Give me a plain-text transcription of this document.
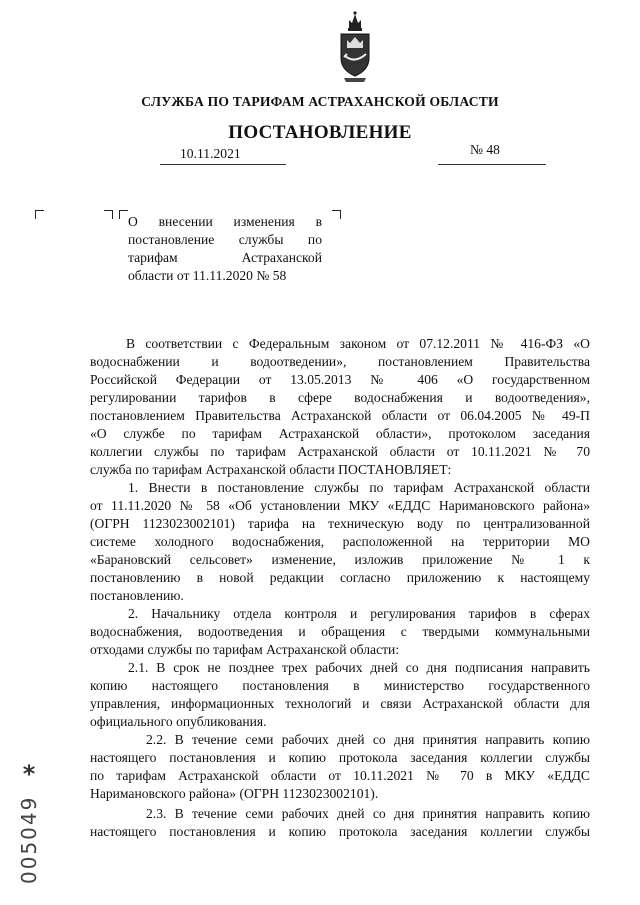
СЛУЖБА ПО ТАРИФАМ АСТРАХАНСКОЙ ОБЛАСТИ
ПОСТАНОВЛЕНИЕ
10.11.2021	№ 48
О внесении изменения в
постановление службы по
тарифам Астраханской
области от 11.11.2020 № 58
В соответствии с Федеральным законом от 07.12.2011 № 416-ФЗ «О
водоснабжении и водоотведении», постановлением Правительства
Российской Федерации от 13.05.2013 № 406 «О государственном
регулировании тарифов в сфере водоснабжения и водоотведения»,
постановлением Правительства Астраханской области от 06.04.2005 № 49-П
«О службе по тарифам Астраханской области», протоколом заседания
коллегии службы по тарифам Астраханской области от 10.11.2021 № 70
служба по тарифам Астраханской области ПОСТАНОВЛЯЕТ:
1. Внести в постановление службы по тарифам Астраханской области
от 11.11.2020 № 58 «Об установлении МКУ «ЕДДС Наримановского района»
(ОГРН 1123023002101) тарифа на техническую воду по централизованной
системе холодного водоснабжения, расположенной на территории МО
«Барановский сельсовет» изменение, изложив приложение № 1 к
постановлению в новой редакции согласно приложению к настоящему
постановлению.
2. Начальнику отдела контроля и регулирования тарифов в сферах
водоснабжения, водоотведения и обращения с твердыми коммунальными
отходами службы по тарифам Астраханской области:
2.1. В срок не позднее трех рабочих дней со дня подписания направить
копию настоящего постановления в министерство государственного
управления, информационных технологий и связи Астраханской области для
официального опубликования.
2.2. В течение семи рабочих дней со дня принятия направить копию
настоящего постановления и копию протокола заседания коллегии службы
по тарифам Астраханской области от 10.11.2021 № 70 в МКУ «ЕДДС
Наримановского района» (ОГРН 1123023002101).
2.3. В течение семи рабочих дней со дня принятия направить копию
настоящего постановления и копию протокола заседания коллегии службы
*
005049
